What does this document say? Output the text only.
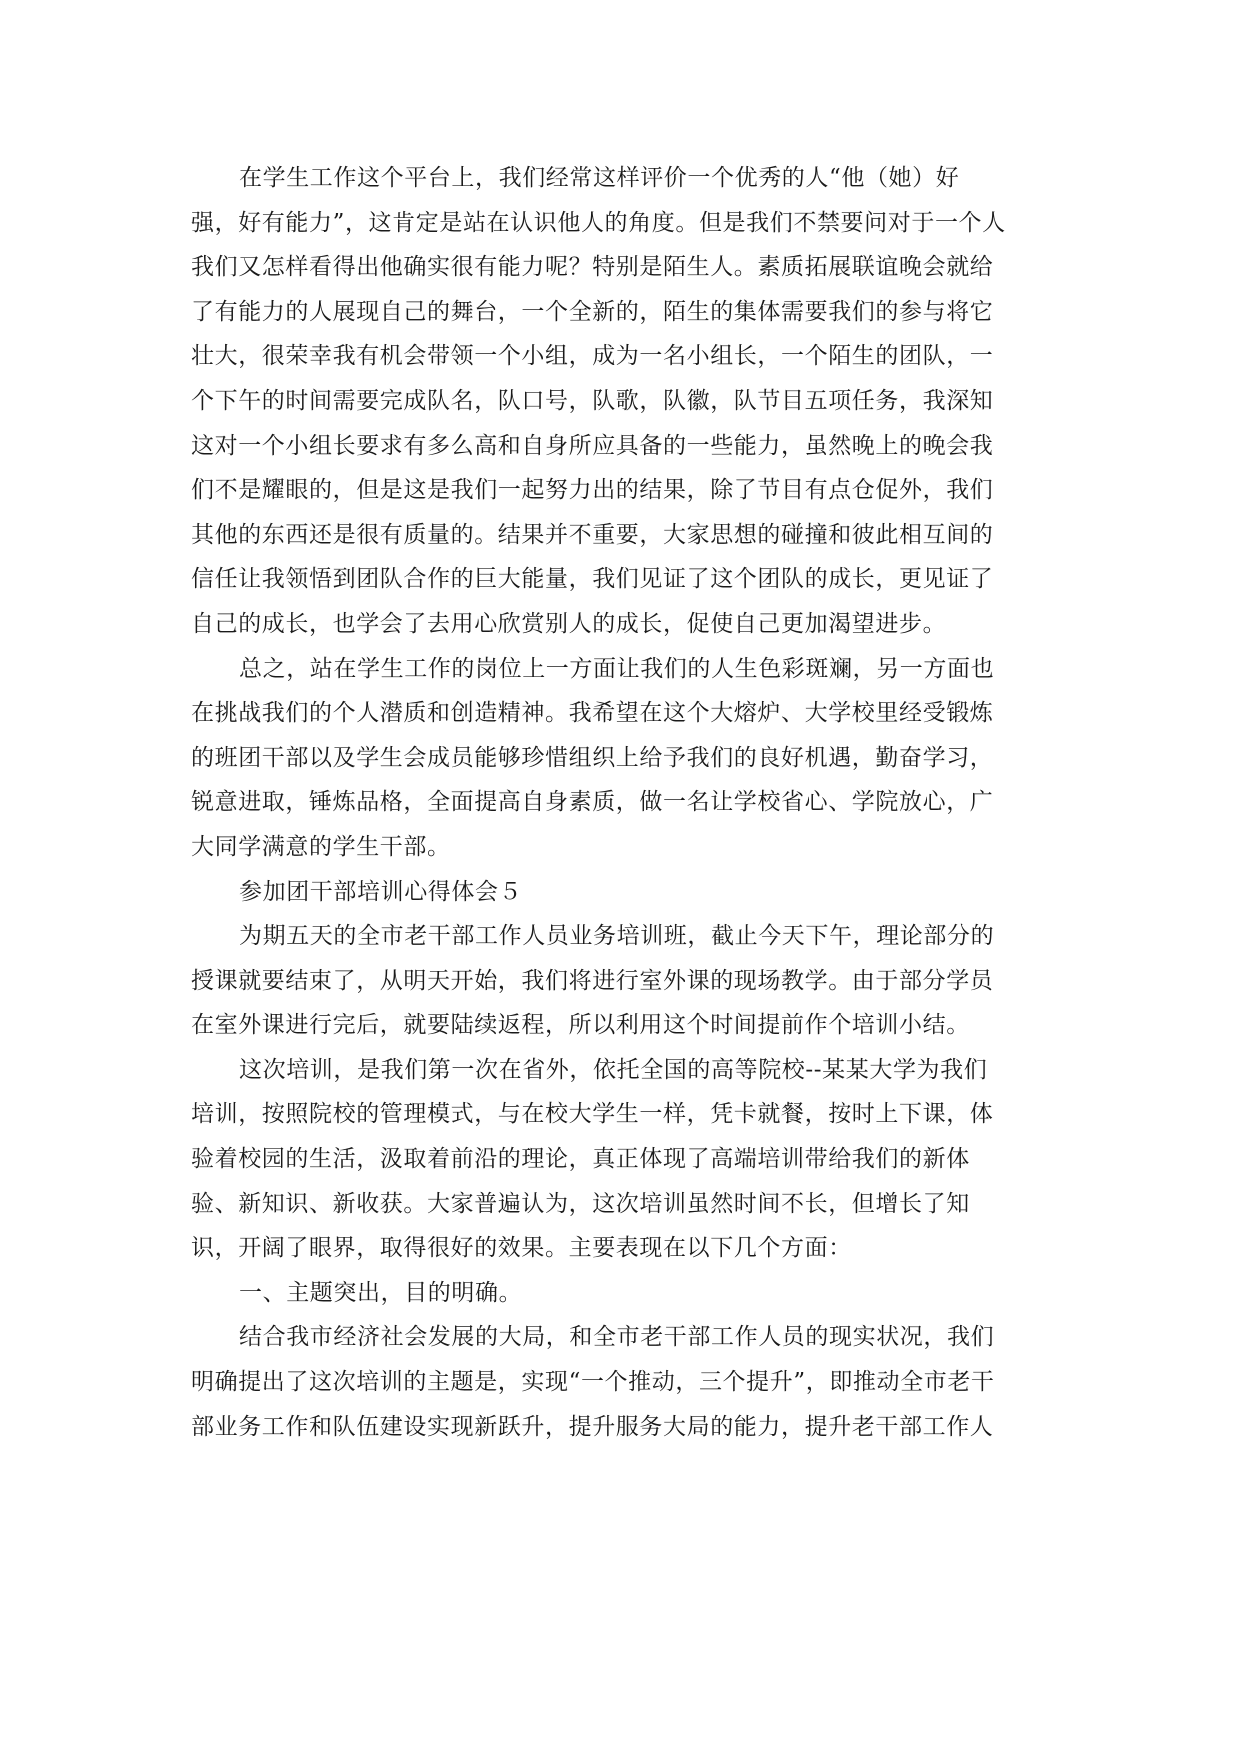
在学生工作这个平台上，我们经常这样评价一个优秀的人“他（她）好
强，好有能力”，这肯定是站在认识他人的角度。但是我们不禁要问对于一个人
我们又怎样看得出他确实很有能力呢？特别是陌生人。素质拓展联谊晚会就给
了有能力的人展现自己的舞台，一个全新的，陌生的集体需要我们的参与将它
壮大，很荣幸我有机会带领一个小组，成为一名小组长，一个陌生的团队，一
个下午的时间需要完成队名，队口号，队歌，队徽，队节目五项任务，我深知
这对一个小组长要求有多么高和自身所应具备的一些能力，虽然晚上的晚会我
们不是耀眼的，但是这是我们一起努力出的结果，除了节目有点仓促外，我们
其他的东西还是很有质量的。结果并不重要，大家思想的碰撞和彼此相互间的
信任让我领悟到团队合作的巨大能量，我们见证了这个团队的成长，更见证了
自己的成长，也学会了去用心欣赏别人的成长，促使自己更加渴望进步。
总之，站在学生工作的岗位上一方面让我们的人生色彩斑斓，另一方面也
在挑战我们的个人潜质和创造精神。我希望在这个大熔炉、大学校里经受锻炼
的班团干部以及学生会成员能够珍惜组织上给予我们的良好机遇，勤奋学习，
锐意进取，锤炼品格，全面提高自身素质，做一名让学校省心、学院放心，广
大同学满意的学生干部。
参加团干部培训心得体会５
为期五天的全市老干部工作人员业务培训班，截止今天下午，理论部分的
授课就要结束了，从明天开始，我们将进行室外课的现场教学。由于部分学员
在室外课进行完后，就要陆续返程，所以利用这个时间提前作个培训小结。
这次培训，是我们第一次在省外，依托全国的高等院校--某某大学为我们
培训，按照院校的管理模式，与在校大学生一样，凭卡就餐，按时上下课，体
验着校园的生活，汲取着前沿的理论，真正体现了高端培训带给我们的新体
验、新知识、新收获。大家普遍认为，这次培训虽然时间不长，但增长了知
识，开阔了眼界，取得很好的效果。主要表现在以下几个方面：
一、主题突出，目的明确。
结合我市经济社会发展的大局，和全市老干部工作人员的现实状况，我们
明确提出了这次培训的主题是，实现“一个推动，三个提升”，即推动全市老干
部业务工作和队伍建设实现新跃升，提升服务大局的能力，提升老干部工作人
